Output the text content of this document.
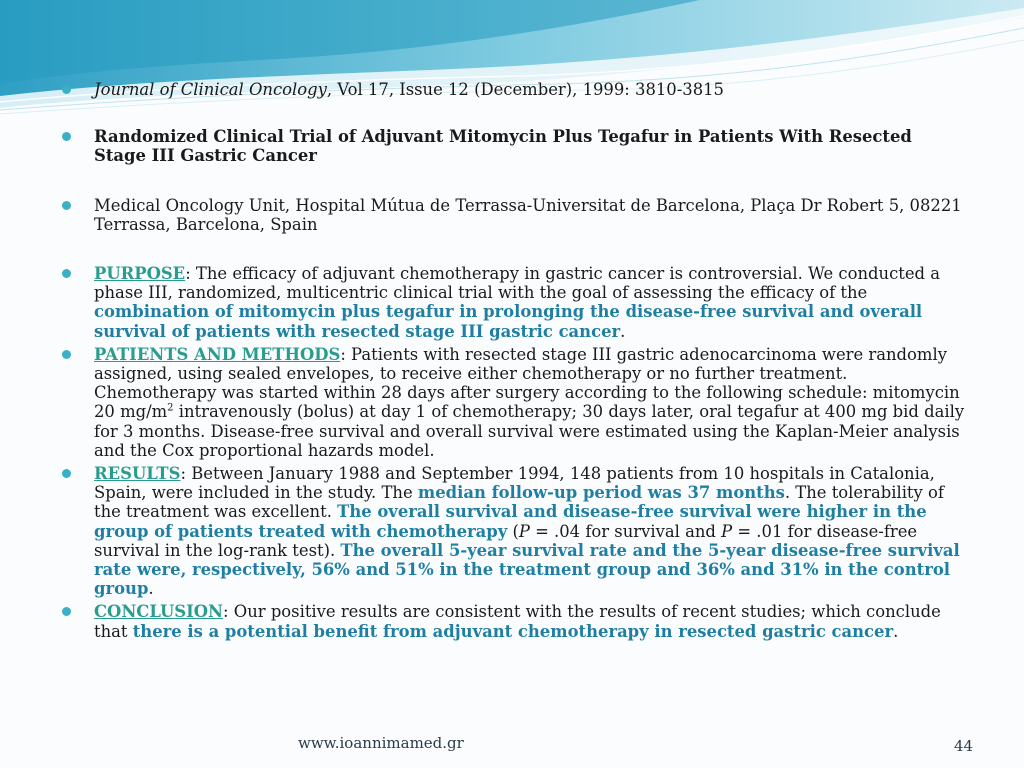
Journal of Clinical Oncology, Vol 17, Issue 12 (December), 1999: 3810-3815
Randomized Clinical Trial of Adjuvant Mitomycin Plus Tegafur in Patients With Resected Stage III Gastric Cancer
Medical Oncology Unit, Hospital Mútua de Terrassa-Universitat de Barcelona, Plaça Dr Robert 5, 08221 Terrassa, Barcelona, Spain
PURPOSE: The efficacy of adjuvant chemotherapy in gastric cancer is controversial. We conducted a phase III, randomized, multicentric clinical trial with the goal of assessing the efficacy of the combination of mitomycin plus tegafur in prolonging the disease-free survival and overall survival of patients with resected stage III gastric cancer.
PATIENTS AND METHODS: Patients with resected stage III gastric adenocarcinoma were randomly assigned, using sealed envelopes, to receive either chemotherapy or no further treatment. Chemotherapy was started within 28 days after surgery according to the following schedule: mitomycin 20 $mg/m^2$ intravenously (bolus) at day 1 of chemotherapy; 30 days later, oral tegafur at 400 mg bid daily for 3 months. Disease-free survival and overall survival were estimated using the Kaplan-Meier analysis and the Cox proportional hazards model.
RESULTS: Between January 1988 and September 1994, 148 patients from 10 hospitals in Catalonia, Spain, were included in the study. The median follow-up period was 37 months. The tolerability of the treatment was excellent. The overall survival and disease-free survival were higher in the group of patients treated with chemotherapy (P = .04 for survival and P = .01 for disease-free survival in the log-rank test). The overall 5-year survival rate and the 5-year disease-free survival rate were, respectively, 56% and 51% in the treatment group and 36% and 31% in the control group.
CONCLUSION: Our positive results are consistent with the results of recent studies; which conclude that there is a potential benefit from adjuvant chemotherapy in resected gastric cancer.
www.ioannimamed.gr	44
